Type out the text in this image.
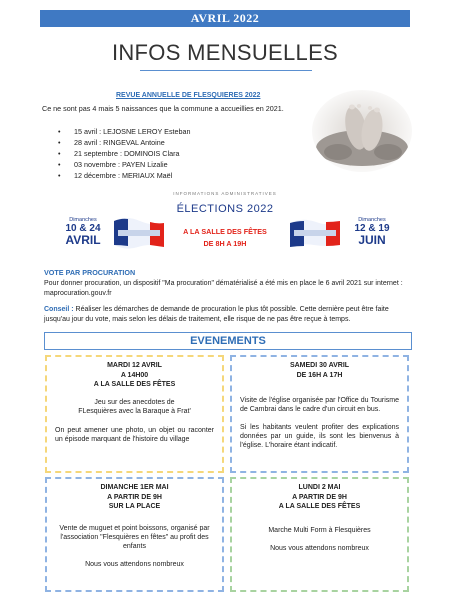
AVRIL 2022
INFOS MENSUELLES
REVUE ANNUELLE DE FLESQUIERES 2022
Ce ne sont pas 4 mais 5 naissances que la commune a accueillies en 2021.
• 15 avril : LEJOSNE LEROY Esteban
• 28 avril : RINGEVAL Antoine
• 21 septembre : DOMINOIS Clara
• 03 novembre : PAYEN Lizalie
• 12 décembre : MERIAUX Maël
INFORMATIONS ADMINISTRATIVES
ÉLECTIONS 2022
Dimanches
10 & 24
AVRIL
Dimanches
12 & 19
JUIN
A LA SALLE DES FÊTES
DE 8H A 19H
VOTE PAR PROCURATION
Pour donner procuration, un dispositif "Ma procuration" dématérialisé a été mis en place le 6 avril 2021 sur internet : maprocuration.gouv.fr
Conseil : Réaliser les démarches de demande de procuration le plus tôt possible. Cette dernière peut être faite jusqu'au jour du vote, mais selon les délais de traitement, elle risque de ne pas être reçue à temps.
EVENEMENTS

MARDI 12 AVRIL

A 14H00

A LA SALLE DES FÊTES

Jeu sur des anecdotes de FLesquières avec la Baraque à Frat'

On peut amener une photo, un objet ou raconter un épisode marquant de l'histoire du village

SAMEDI 30 AVRIL

DE 16H A 17H

Visite de l'église organisée par l'Office du Tourisme de Cambrai dans le cadre d'un circuit en bus.

Si les habitants veulent profiter des explications données par un guide, ils sont les bienvenus à l'église. L'horaire étant indicatif.

DIMANCHE 1ER MAI

A PARTIR DE 9H

SUR LA PLACE

Vente de muguet et point boissons, organisé par l'association "Flesquières en fêtes" au profit des enfants

Nous vous attendons nombreux

LUNDI 2 MAI

A PARTIR DE 9H

A LA SALLE DES FÊTES

Marche Multi Form à Flesquières

Nous vous attendons nombreux
